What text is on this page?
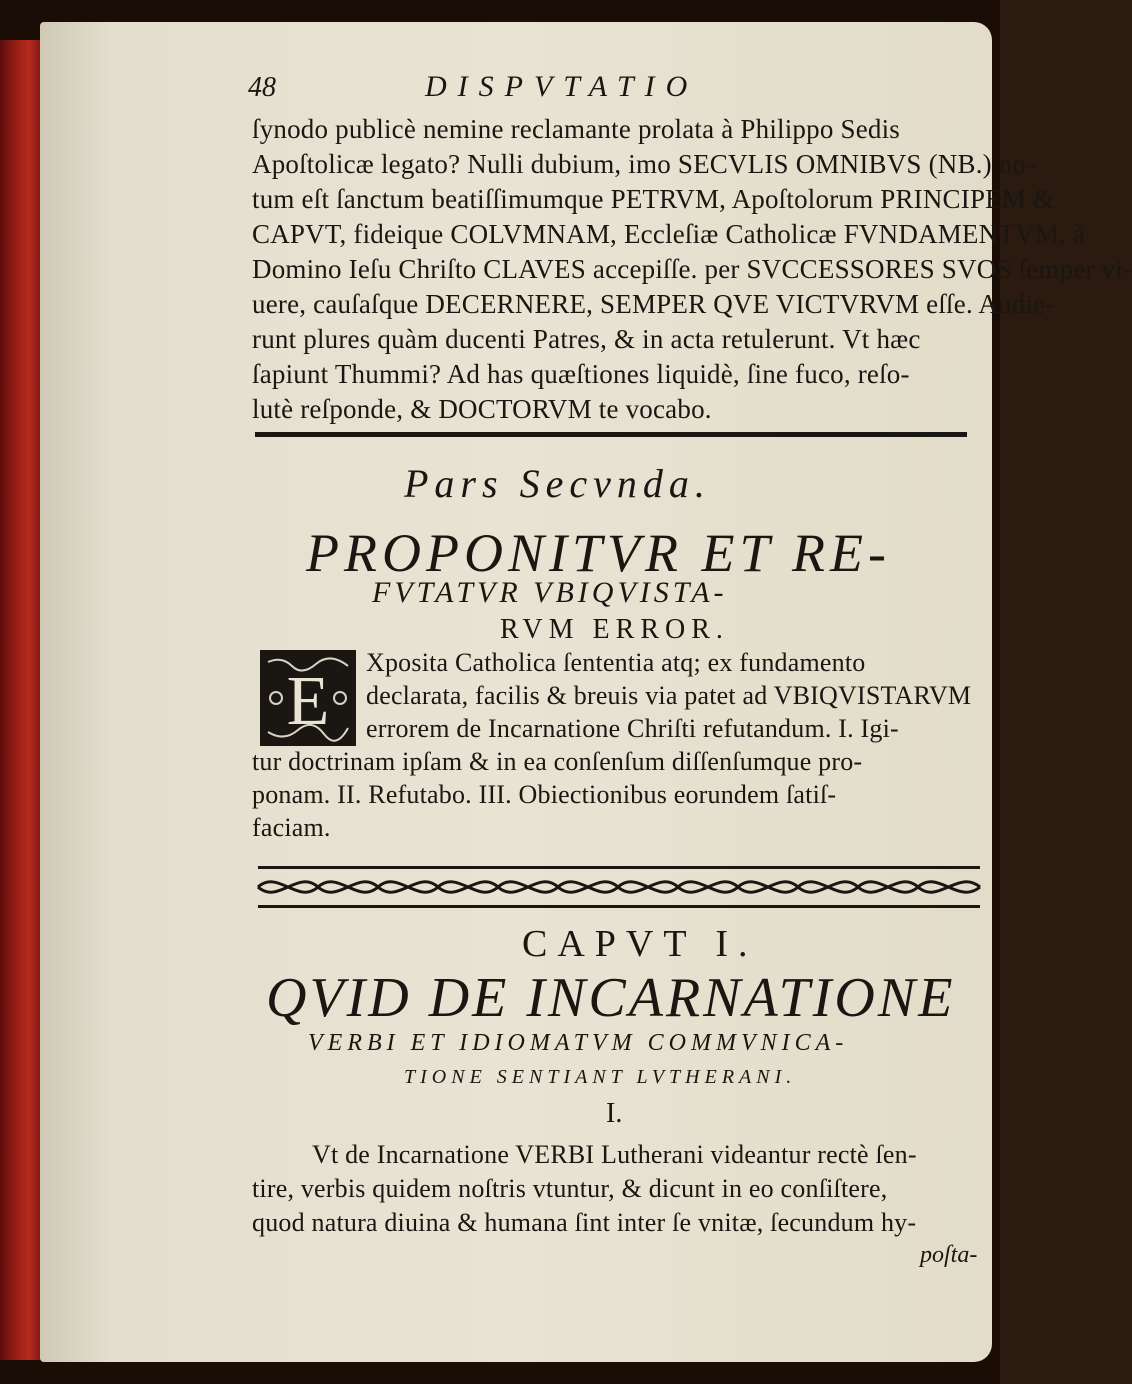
48	DISPVTATIO
ſynodo publicè nemine reclamante prolata à Philippo Sedis
Apoſtolicæ legato? Nulli dubium, imo SECVLIS OMNIBVS (NB.) no-
tum eſt ſanctum beatiſſimumque PETRVM, Apoſtolorum PRINCIPEM &
CAPVT, fideique COLVMNAM, Eccleſiæ Catholicæ FVNDAMENTVM, à
Domino Ieſu Chriſto CLAVES accepiſſe. per SVCCESSORES SVOS ſemper vi-
uere, cauſaſque DECERNERE, SEMPER QVE VICTVRVM eſſe. Audie-
runt plures quàm ducenti Patres, & in acta retulerunt. Vt hæc
ſapiunt Thummi? Ad has quæſtiones liquidè, ſine fuco, reſo-
lutè reſponde, & DOCTORVM te vocabo.
Pars Secvnda.
PROPONITVR ET RE-
FVTATVR VBIQVISTA-
RVM ERROR.
E
Xposita Catholica ſententia atq; ex fundamento
declarata, facilis & breuis via patet ad VBIQVISTARVM
errorem de Incarnatione Chriſti refutandum. I. Igi-
tur doctrinam ipſam & in ea conſenſum diſſenſumque pro-
ponam. II. Refutabo. III. Obiectionibus eorundem ſatiſ-
faciam.
CAPVT I.
QVID DE INCARNATIONE
VERBI ET IDIOMATVM COMMVNICA-
TIONE SENTIANT LVTHERANI.
I.
Vt de Incarnatione VERBI Lutherani videantur rectè ſen-
tire, verbis quidem noſtris vtuntur, & dicunt in eo conſiſtere,
quod natura diuina & humana ſint inter ſe vnitæ, ſecundum hy-
poſta-
